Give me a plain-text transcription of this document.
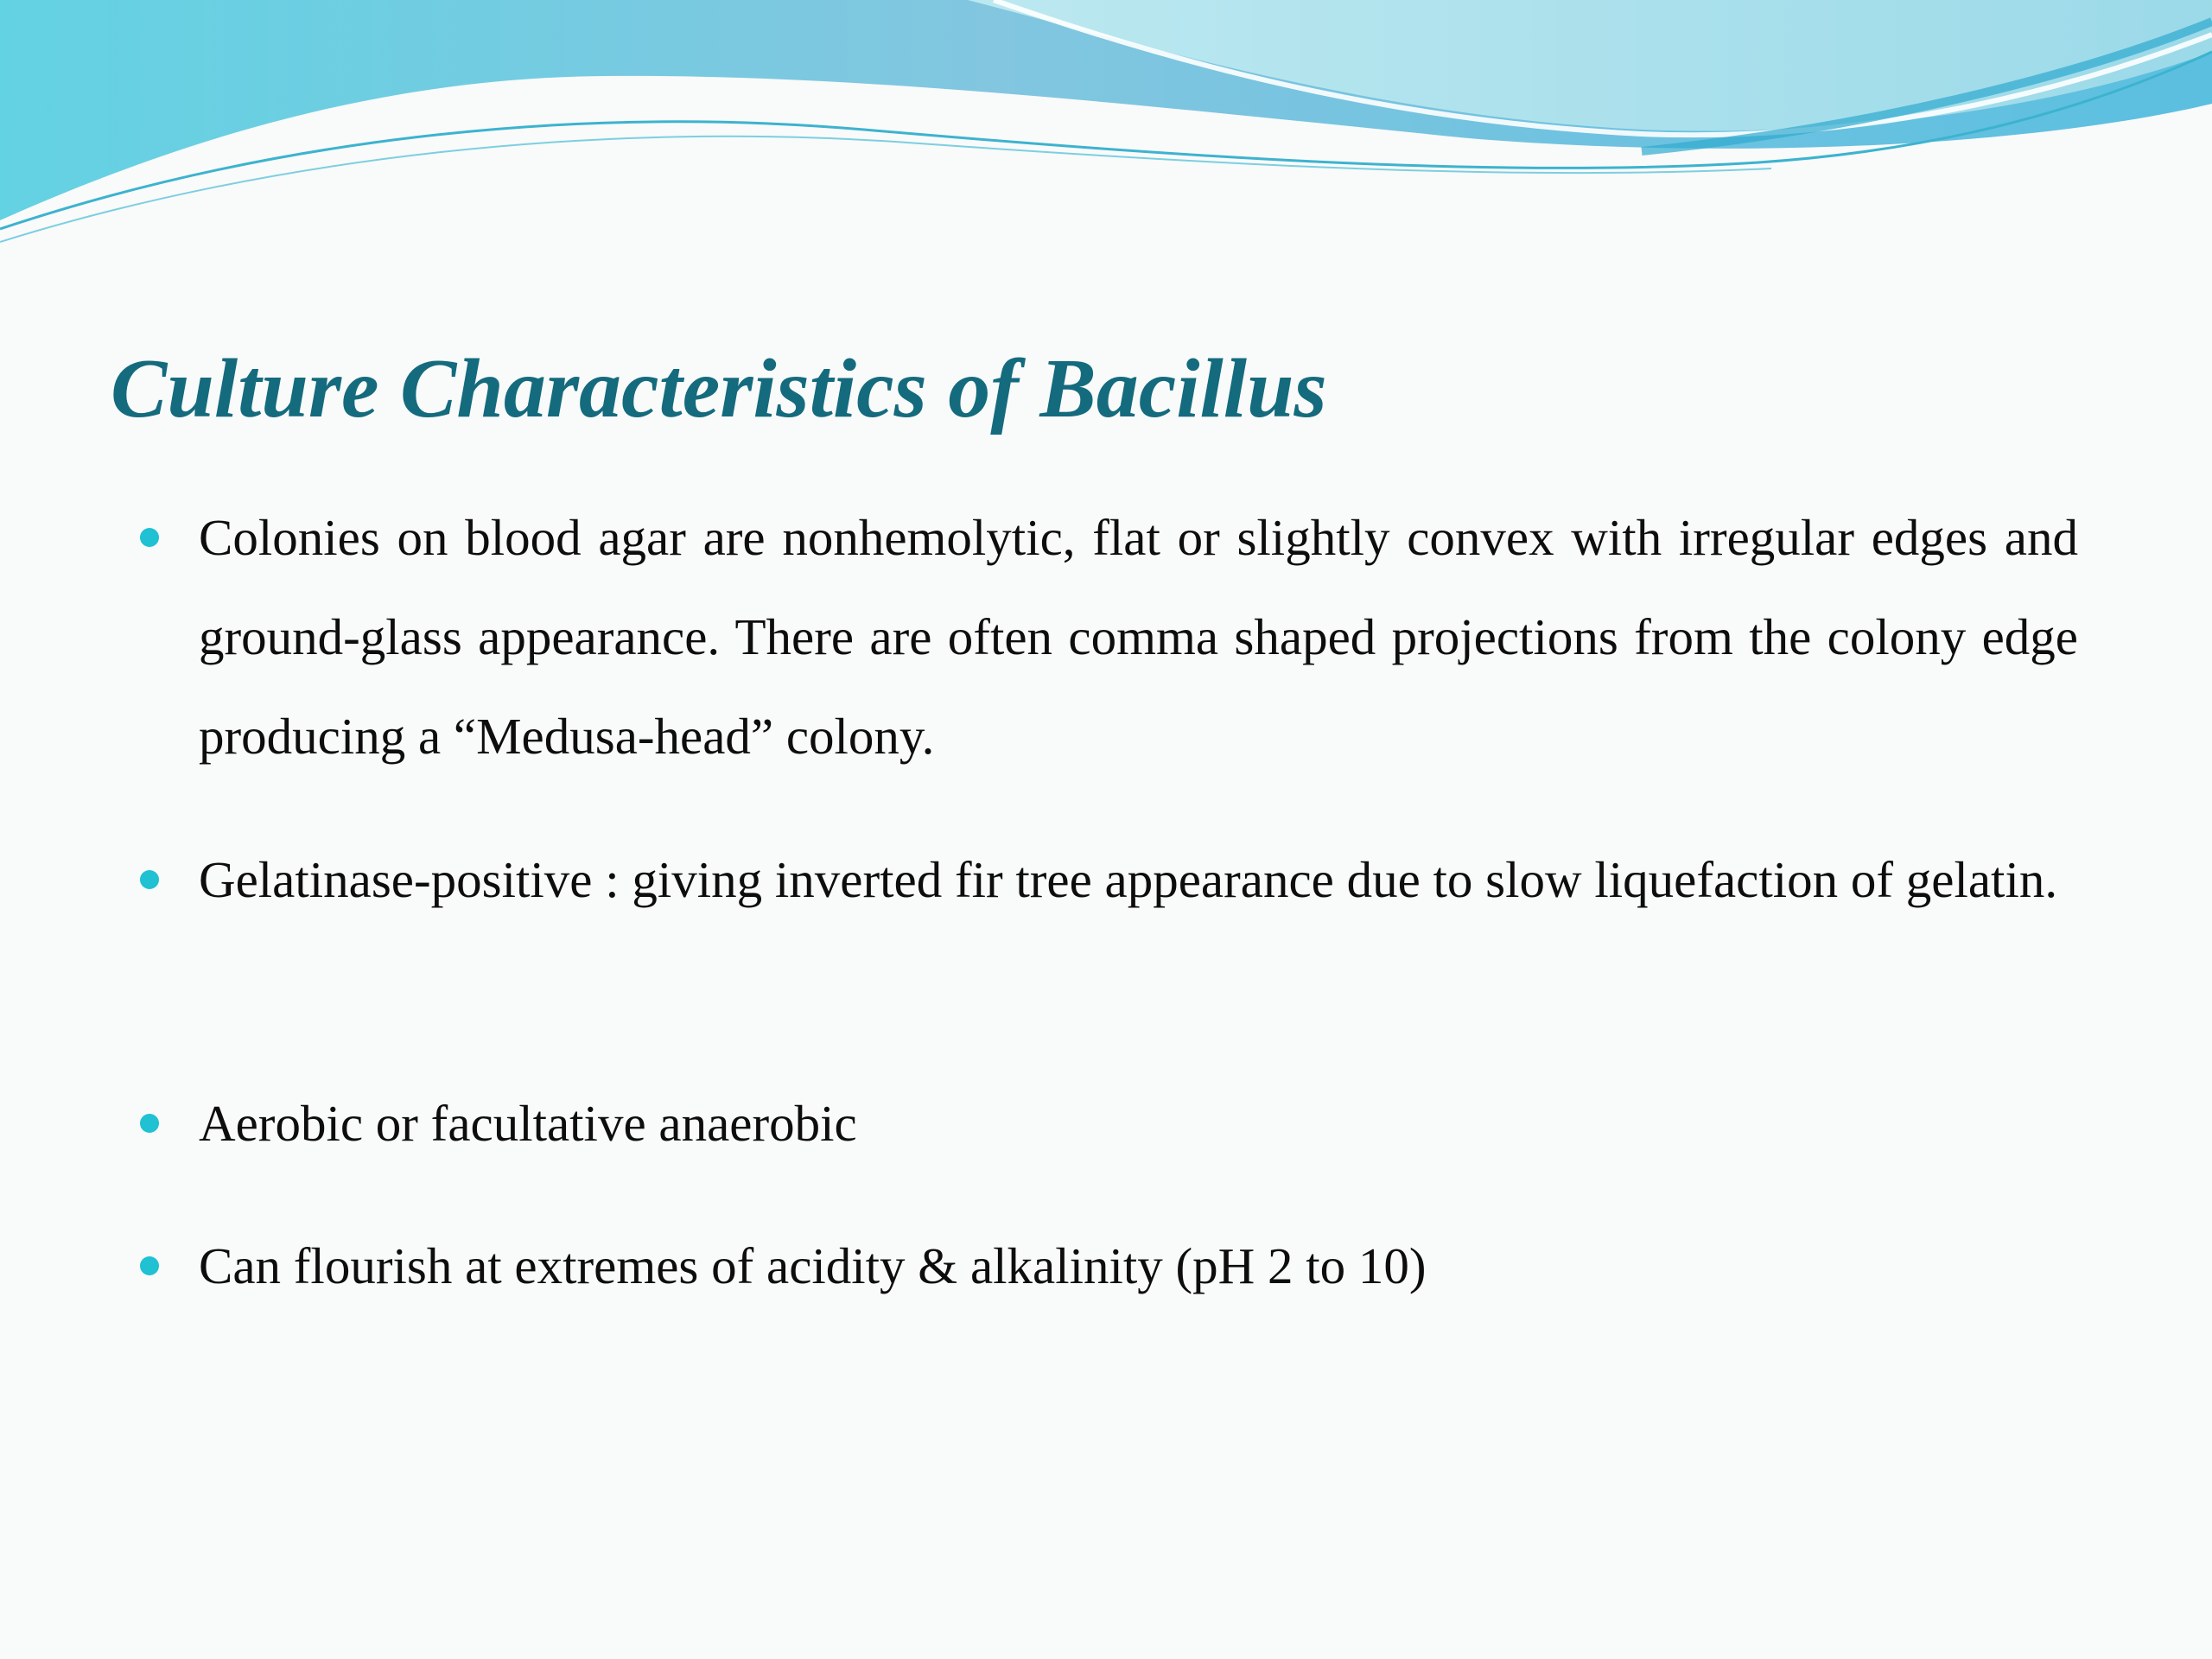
Culture Characteristics of Bacillus

Colonies on blood agar are nonhemolytic, flat or slightly convex with irregular edges and ground-glass appearance. There are often comma shaped projections from the colony edge producing a “Medusa-head” colony.

Gelatinase-positive : giving inverted fir tree appearance due to slow liquefaction of gelatin.

Aerobic or facultative anaerobic

Can flourish at extremes of acidity & alkalinity (pH 2 to 10)
